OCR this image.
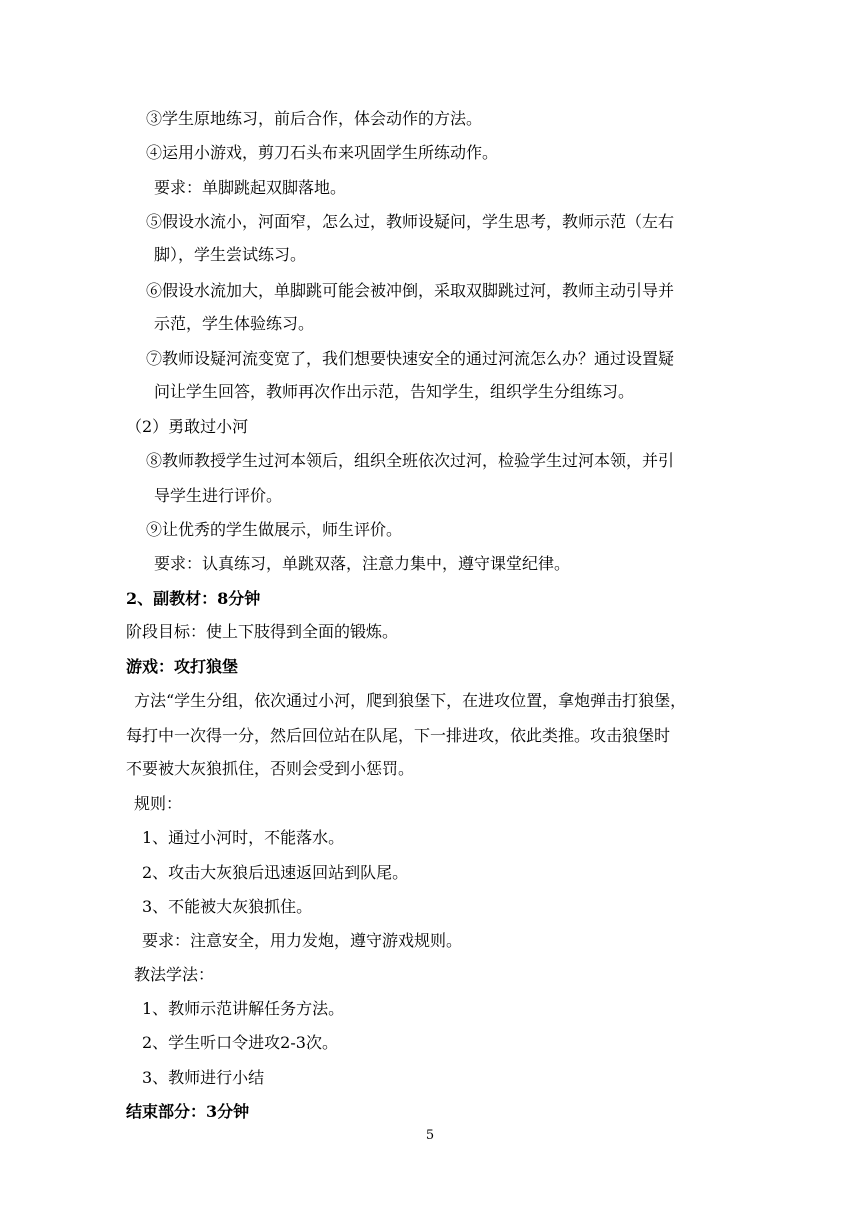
③学生原地练习，前后合作，体会动作的方法。
④运用小游戏，剪刀石头布来巩固学生所练动作。
要求：单脚跳起双脚落地。
⑤假设水流小，河面窄，怎么过，教师设疑问，学生思考，教师示范（左右
脚），学生尝试练习。
⑥假设水流加大，单脚跳可能会被冲倒，采取双脚跳过河，教师主动引导并
示范，学生体验练习。
⑦教师设疑河流变宽了，我们想要快速安全的通过河流怎么办？通过设置疑
问让学生回答，教师再次作出示范，告知学生，组织学生分组练习。
（2）勇敢过小河
⑧教师教授学生过河本领后，组织全班依次过河，检验学生过河本领，并引
导学生进行评价。
⑨让优秀的学生做展示，师生评价。
要求：认真练习，单跳双落，注意力集中，遵守课堂纪律。
2、副教材：8分钟
阶段目标：使上下肢得到全面的锻炼。
游戏：攻打狼堡
方法“学生分组，依次通过小河，爬到狼堡下，在进攻位置，拿炮弹击打狼堡，
每打中一次得一分，然后回位站在队尾，下一排进攻，依此类推。攻击狼堡时
不要被大灰狼抓住，否则会受到小惩罚。
规则：
1、通过小河时，不能落水。
2、攻击大灰狼后迅速返回站到队尾。
3、不能被大灰狼抓住。
要求：注意安全，用力发炮，遵守游戏规则。
教法学法：
1、教师示范讲解任务方法。
2、学生听口令进攻2-3次。
3、教师进行小结
结束部分：3分钟
5
